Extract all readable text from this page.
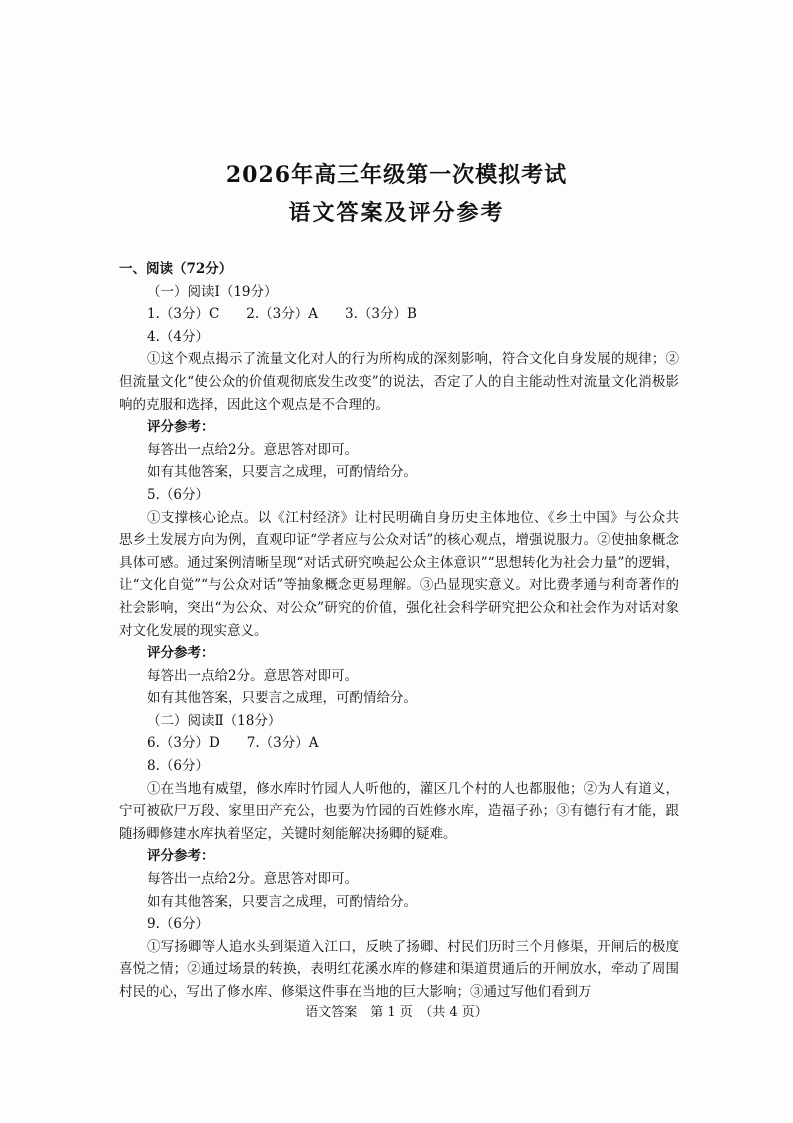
2026年高三年级第一次模拟考试
语文答案及评分参考

一、阅读（72分）

（一）阅读Ⅰ（19分）

1.（3分）C　　2.（3分）A　　3.（3分）B

4.（4分）

①这个观点揭示了流量文化对人的行为所构成的深刻影响，符合文化自身发展的规律；②但流量文化“使公众的价值观彻底发生改变”的说法，否定了人的自主能动性对流量文化消极影响的克服和选择，因此这个观点是不合理的。

评分参考：

每答出一点给2分。意思答对即可。

如有其他答案，只要言之成理，可酌情给分。

5.（6分）

①支撑核心论点。以《江村经济》让村民明确自身历史主体地位、《乡土中国》与公众共思乡土发展方向为例，直观印证“学者应与公众对话”的核心观点，增强说服力。②使抽象概念具体可感。通过案例清晰呈现“对话式研究唤起公众主体意识”“思想转化为社会力量”的逻辑，让“文化自觉”“与公众对话”等抽象概念更易理解。③凸显现实意义。对比费孝通与利奇著作的社会影响，突出“为公众、对公众”研究的价值，强化社会科学研究把公众和社会作为对话对象对文化发展的现实意义。

评分参考：

每答出一点给2分。意思答对即可。

如有其他答案，只要言之成理，可酌情给分。

（二）阅读Ⅱ（18分）

6.（3分）D　　7.（3分）A

8.（6分）

①在当地有威望，修水库时竹园人人听他的，灌区几个村的人也都服他；②为人有道义，宁可被砍尸万段、家里田产充公，也要为竹园的百姓修水库，造福子孙；③有德行有才能，跟随扬卿修建水库执着坚定，关键时刻能解决扬卿的疑难。

评分参考：

每答出一点给2分。意思答对即可。

如有其他答案，只要言之成理，可酌情给分。

9.（6分）

①写扬卿等人追水头到渠道入江口，反映了扬卿、村民们历时三个月修渠，开闸后的极度喜悦之情；②通过场景的转换，表明红花溪水库的修建和渠道贯通后的开闸放水，牵动了周围村民的心，写出了修水库、修渠这件事在当地的巨大影响；③通过写他们看到万

语文答案　第 1 页　（共 4 页）
